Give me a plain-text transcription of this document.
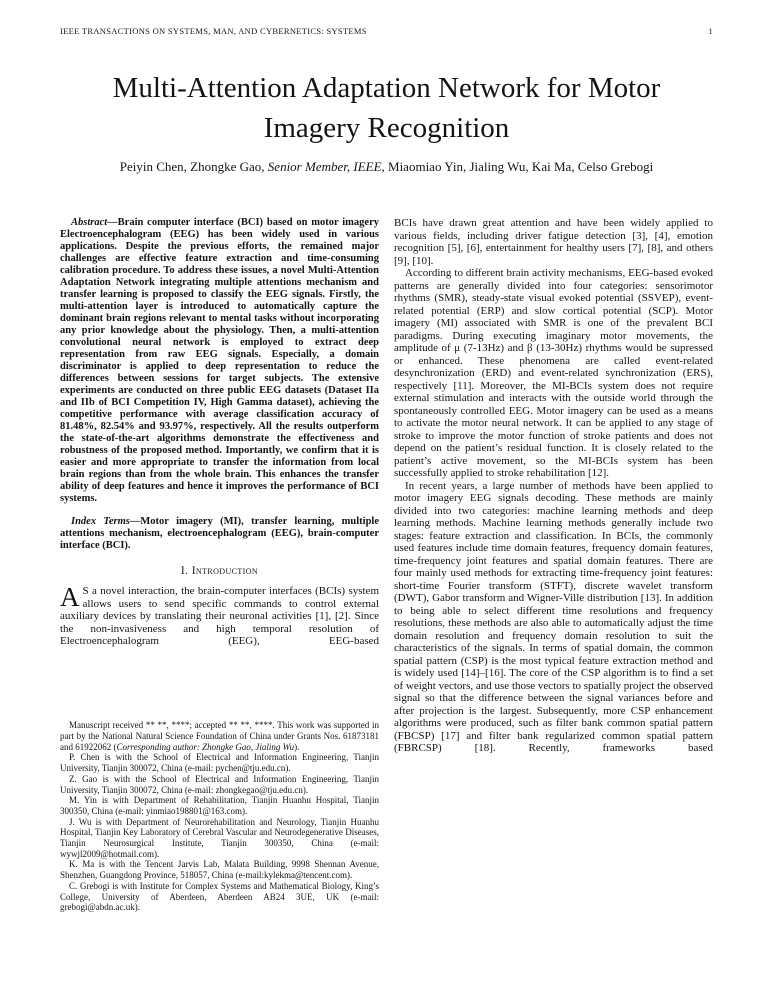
IEEE TRANSACTIONS ON SYSTEMS, MAN, AND CYBERNETICS: SYSTEMS	1
Multi-Attention Adaptation Network for Motor
Imagery Recognition
Peiyin Chen, Zhongke Gao, Senior Member, IEEE, Miaomiao Yin, Jialing Wu, Kai Ma, Celso Grebogi

Abstract—Brain computer interface (BCI) based on motor imagery Electroencephalogram (EEG) has been widely used in various applications. Despite the previous efforts, the remained major challenges are effective feature extraction and time-consuming calibration procedure. To address these issues, a novel Multi-Attention Adaptation Network integrating multiple attentions mechanism and transfer learning is proposed to classify the EEG signals. Firstly, the multi-attention layer is introduced to automatically capture the dominant brain regions relevant to mental tasks without incorporating any prior knowledge about the physiology. Then, a multi-attention convolutional neural network is employed to extract deep representation from raw EEG signals. Especially, a domain discriminator is applied to deep representation to reduce the differences between sessions for target subjects. The extensive experiments are conducted on three public EEG datasets (Dataset IIa and IIb of BCI Competition IV, High Gamma dataset), achieving the competitive performance with average classification accuracy of 81.48%, 82.54% and 93.97%, respectively. All the results outperform the state-of-the-art algorithms demonstrate the effectiveness and robustness of the proposed method. Importantly, we confirm that it is easier and more appropriate to transfer the information from local brain regions than from the whole brain. This enhances the transfer ability of deep features and hence it improves the performance of BCI systems.

Index Terms—Motor imagery (MI), transfer learning, multiple attentions mechanism, electroencephalogram (EEG), brain-computer interface (BCI).

I. Introduction

A S a novel interaction, the brain-computer interfaces (BCIs) system allows users to send specific commands to control external auxiliary devices by translating their neuronal activities [1], [2]. Since the non-invasiveness and high temporal resolution of Electroencephalogram (EEG), EEG-based

Manuscript received ** **, ****; accepted ** **, ****. This work was supported in part by the National Natural Science Foundation of China under Grants Nos. 61873181 and 61922062 (Corresponding author: Zhongke Gao, Jialing Wu).

P. Chen is with the School of Electrical and Information Engineering, Tianjin University, Tianjin 300072, China (e-mail: pychen@tju.edu.cn).

Z. Gao is with the School of Electrical and Information Engineering, Tianjin University, Tianjin 300072, China (e-mail: zhongkegao@tju.edu.cn).

M. Yin is with Department of Rehabilitation, Tianjin Huanhu Hospital, Tianjin 300350, China (e-mail: yinmiao198801@163.com).

J. Wu is with Department of Neurorehabilitation and Neurology, Tianjin Huanhu Hospital, Tianjin Key Laboratory of Cerebral Vascular and Neurodegenerative Diseases, Tianjin Neurosurgical Institute, Tianjin 300350, China (e-mail: wywjl2009@hotmail.com).

K. Ma is with the Tencent Jarvis Lab, Malata Building, 9998 Shennan Avenue, Shenzhen, Guangdong Province, 518057, China (e-mail:kylekma@tencent.com).

C. Grebogi is with Institute for Complex Systems and Mathematical Biology, King’s College, University of Aberdeen, Aberdeen AB24 3UE, UK (e-mail: grebogi@abdn.ac.uk).

BCIs have drawn great attention and have been widely applied to various fields, including driver fatigue detection [3], [4], emotion recognition [5], [6], entertainment for healthy users [7], [8], and others [9], [10].

According to different brain activity mechanisms, EEG-based evoked patterns are generally divided into four categories: sensorimotor rhythms (SMR), steady-state visual evoked potential (SSVEP), event-related potential (ERP) and slow cortical potential (SCP). Motor imagery (MI) associated with SMR is one of the prevalent BCI paradigms. During executing imaginary motor movements, the amplitude of μ (7-13Hz) and β (13-30Hz) rhythms would be supressed or enhanced. These phenomena are called event-related desynchronization (ERD) and event-related synchronization (ERS), respectively [11]. Moreover, the MI-BCIs system does not require external stimulation and interacts with the outside world through the spontaneously controlled EEG. Motor imagery can be used as a means to activate the motor neural network. It can be applied to any stage of stroke to improve the motor function of stroke patients and does not depend on the patient’s residual function. It is closely related to the patient’s active movement, so the MI-BCIs system has been successfully applied to stroke rehabilitation [12].

In recent years, a large number of methods have been applied to motor imagery EEG signals decoding. These methods are mainly divided into two categories: machine learning methods and deep learning methods. Machine learning methods generally include two stages: feature extraction and classification. In BCIs, the commonly used features include time domain features, frequency domain features, time-frequency joint features and spatial domain features. There are four mainly used methods for extracting time-frequency joint features: short-time Fourier transform (STFT), discrete wavelet transform (DWT), Gabor transform and Wigner-Ville distribution [13]. In addition to being able to select different time resolutions and frequency resolutions, these methods are also able to automatically adjust the time domain resolution and frequency domain resolution to suit the characteristics of the signals. In terms of spatial domain, the common spatial pattern (CSP) is the most typical feature extraction method and is widely used [14]–[16]. The core of the CSP algorithm is to find a set of weight vectors, and use those vectors to spatially project the observed signal so that the difference between the signal variances before and after projection is the largest. Subsequently, more CSP enhancement algorithms were produced, such as filter bank common spatial pattern (FBCSP) [17] and filter bank regularized common spatial pattern (FBRCSP) [18]. Recently, frameworks based
